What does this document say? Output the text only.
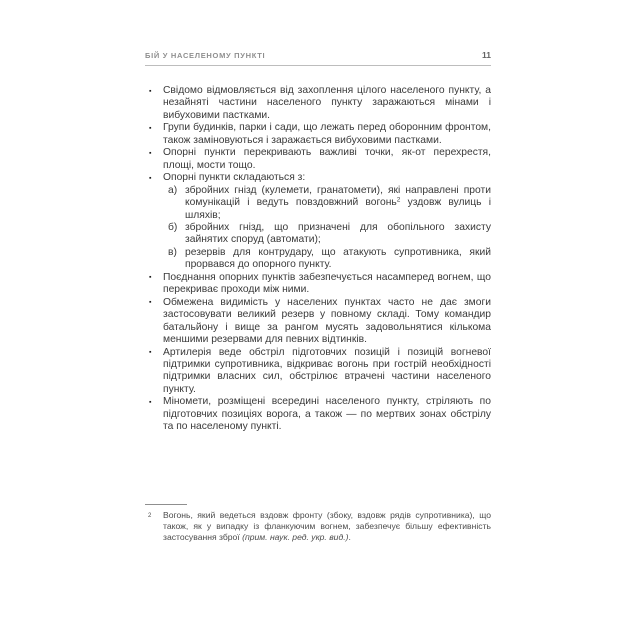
БІЙ У НАСЕЛЕНОМУ ПУНКТІ	11
▪ Свідомо відмовляється від захоплення цілого населеного пункту, а незайняті частини населеного пункту заражаються мінами і вибуховими пастками.
▪ Групи будинків, парки і сади, що лежать перед оборонним фронтом, також заміновуються і заражається вибуховими пастками.
▪ Опорні пункти перекривають важливі точки, як-от перехрестя, площі, мости тощо.
▪ Опорні пункти складаються з:
а) збройних гнізд (кулемети, гранатомети), які направлені проти комунікацій і ведуть повздовжний вогонь$^2$ уздовж вулиць і шляхів;
б) збройних гнізд, що призначені для обопільного захисту зайнятих споруд (автомати);
в) резервів для контрудару, що атакують супротивника, який прорвався до опорного пункту.
▪ Поєднання опорних пунктів забезпечується насамперед вогнем, що перекриває проходи між ними.
▪ Обмежена видимість у населених пунктах часто не дає змоги застосовувати великий резерв у повному складі. Тому командир батальйону і вище за рангом мусять задовольнятися кількома меншими резервами для певних відтинків.
▪ Артилерія веде обстріл підготовчих позицій і позицій вогневої підтримки супротивника, відкриває вогонь при гострій необхідності підтримки власних сил, обстрілює втрачені частини населеного пункту.
▪ Міномети, розміщені всередині населеного пункту, стріляють по підготовчих позиціях ворога, а також — по мертвих зонах обстрілу та по населеному пункті.
2 Вогонь, який ведеться вздовж фронту (збоку, вздовж рядів супротивника), що також, як у випадку із фланкуючим вогнем, забезпечує більшу ефективність застосування зброї (прим. наук. ред. укр. вид.).
